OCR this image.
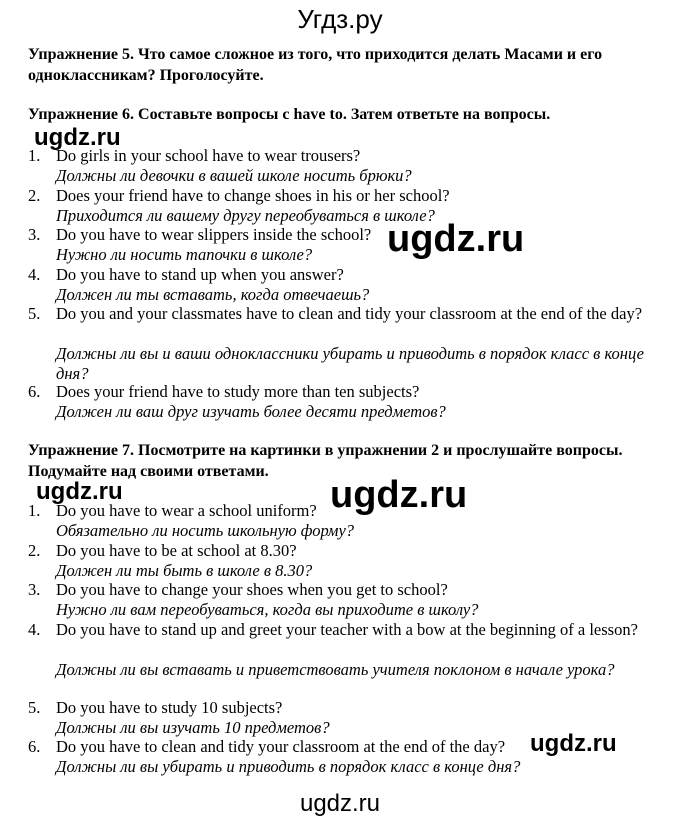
Угдз.ру
Упражнение 5. Что самое сложное из того, что приходится делать Масами и его одноклассникам? Проголосуйте.
Упражнение 6. Составьте вопросы с have to. Затем ответьте на вопросы.
1. Do girls in your school have to wear trousers?
Должны ли девочки в вашей школе носить брюки?
2. Does your friend have to change shoes in his or her school?
Приходится ли вашему другу переобуваться в школе?
3. Do you have to wear slippers inside the school?
Нужно ли носить тапочки в школе?
4. Do you have to stand up when you answer?
Должен ли ты вставать, когда отвечаешь?
5. Do you and your classmates have to clean and tidy your classroom at the end of the day?
Должны ли вы и ваши одноклассники убирать и приводить в порядок класс в конце дня?
6. Does your friend have to study more than ten subjects?
Должен ли ваш друг изучать более десяти предметов?
Упражнение 7. Посмотрите на картинки в упражнении 2 и прослушайте вопросы. Подумайте над своими ответами.
1. Do you have to wear a school uniform?
Обязательно ли носить школьную форму?
2. Do you have to be at school at 8.30?
Должен ли ты быть в школе в 8.30?
3. Do you have to change your shoes when you get to school?
Нужно ли вам переобуваться, когда вы приходите в школу?
4. Do you have to stand up and greet your teacher with a bow at the beginning of a lesson?
Должны ли вы вставать и приветствовать учителя поклоном в начале урока?
5. Do you have to study 10 subjects?
Должны ли вы изучать 10 предметов?
6. Do you have to clean and tidy your classroom at the end of the day?
Должны ли вы убирать и приводить в порядок класс в конце дня?
ugdz.ru
ugdz.ru
ugdz.ru	ugdz.ru
ugdz.ru
ugdz.ru
